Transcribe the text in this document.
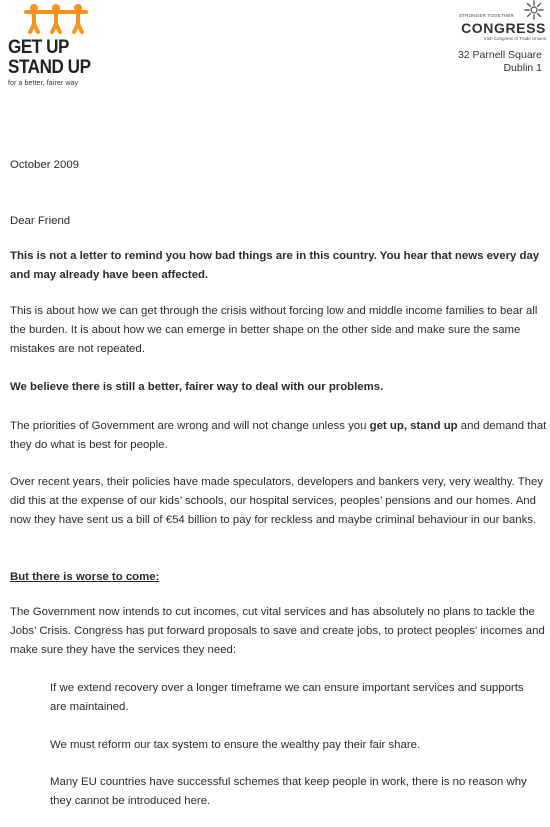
GET UP

STAND UP

for a better, fairer way
STRONGER TOGETHER
CONGRESS
Irish Congress of Trade Unions
32 Parnell Square
Dublin 1

October 2009

Dear Friend

This is not a letter to remind you how bad things are in this country. You hear that news every day and may already have been affected.

This is about how we can get through the crisis without forcing low and middle income families to bear all the burden. It is about how we can emerge in better shape on the other side and make sure the same mistakes are not repeated.

We believe there is still a better, fairer way to deal with our problems.

The priorities of Government are wrong and will not change unless you get up, stand up and demand that they do what is best for people.

Over recent years, their policies have made speculators, developers and bankers very, very wealthy. They did this at the expense of our kids’ schools, our hospital services, peoples’ pensions and our homes. And now they have sent us a bill of €54 billion to pay for reckless and maybe criminal behaviour in our banks.

But there is worse to come:

The Government now intends to cut incomes, cut vital services and has absolutely no plans to tackle the Jobs’ Crisis. Congress has put forward proposals to save and create jobs, to protect peoples’ incomes and make sure they have the services they need:

If we extend recovery over a longer timeframe we can ensure important services and supports are maintained.

We must reform our tax system to ensure the wealthy pay their fair share.

Many EU countries have successful schemes that keep people in work, there is no reason why they cannot be introduced here.
